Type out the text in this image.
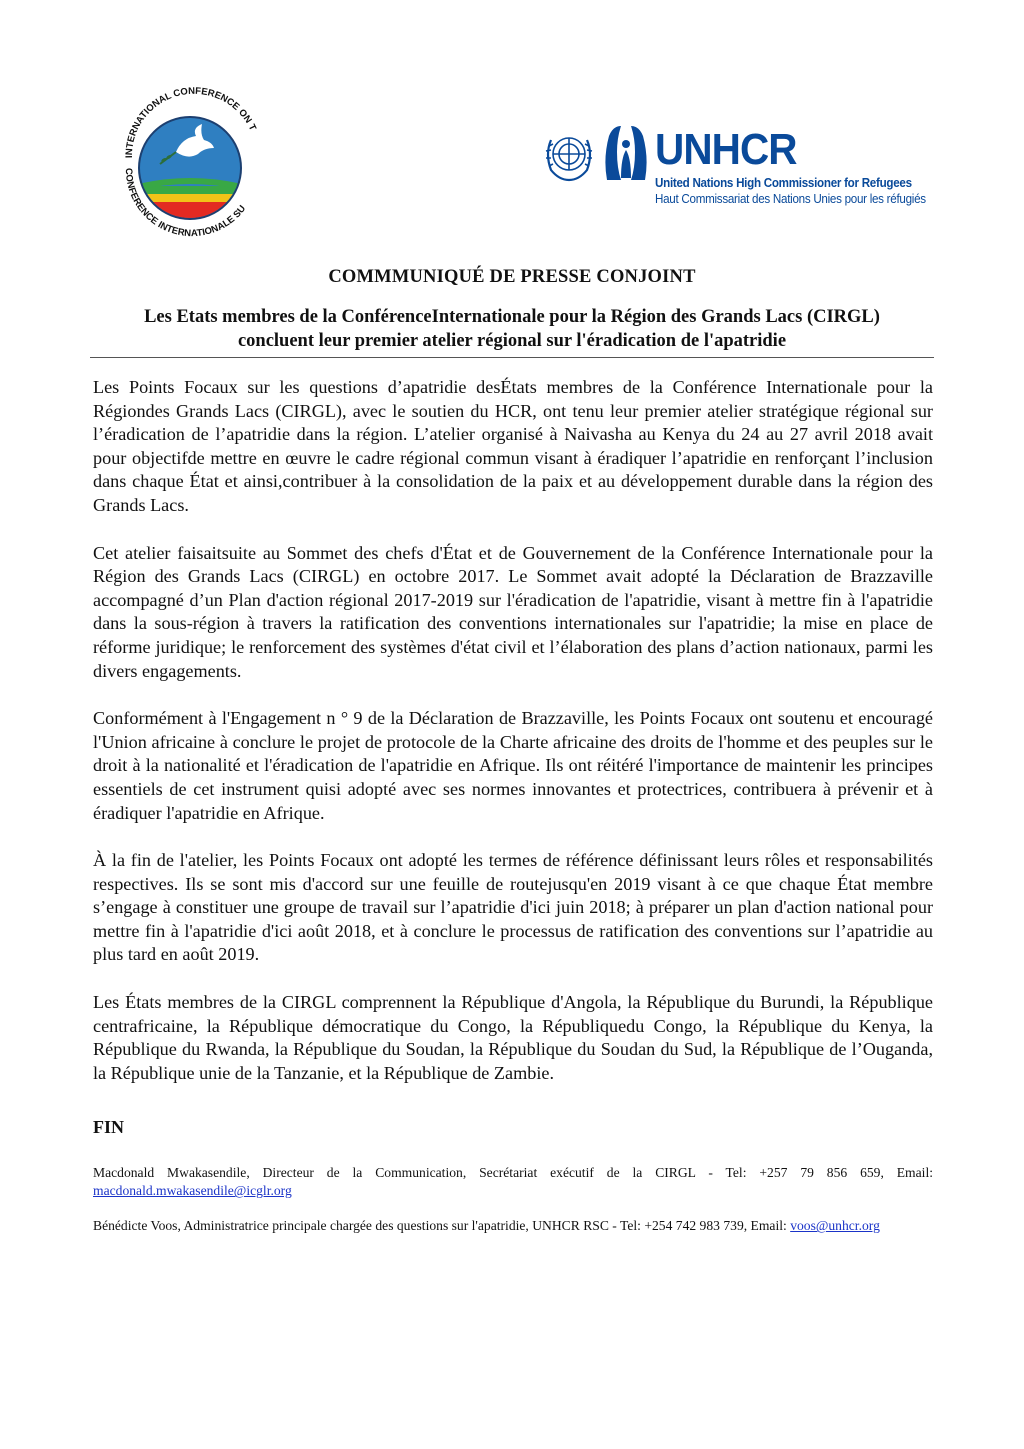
INTERNATIONAL CONFERENCE ON T
CONFERENCE INTERNATIONALE SU
UNHCR
United Nations High Commissioner for Refugees
Haut Commissariat des Nations Unies pour les réfugiés
COMMMUNIQUÉ DE PRESSE CONJOINT
Les Etats membres de la ConférenceInternationale pour la Région des Grands Lacs (CIRGL)
concluent leur premier atelier régional sur l'éradication de l'apatridie

Les Points Focaux sur les questions d’apatridie desÉtats membres de la Conférence Internationale pour la Régiondes Grands Lacs (CIRGL), avec le soutien du HCR, ont tenu leur premier atelier stratégique régional sur l’éradication de l’apatridie dans la région. L’atelier organisé à Naivasha au Kenya du 24 au 27 avril 2018 avait pour objectifde mettre en œuvre le cadre régional commun visant à éradiquer l’apatridie en renforçant l’inclusion dans chaque État et ainsi,contribuer à la consolidation de la paix et au développement durable dans la région des Grands Lacs.

Cet atelier faisaitsuite au Sommet des chefs d'État et de Gouvernement de la Conférence Internationale pour la Région des Grands Lacs (CIRGL) en octobre 2017. Le Sommet avait adopté la Déclaration de Brazzaville accompagné d’un Plan d'action régional 2017-2019 sur l'éradication de l'apatridie, visant à mettre fin à l'apatridie dans la sous-région à travers la ratification des conventions internationales sur l'apatridie; la mise en place de réforme juridique; le renforcement des systèmes d'état civil et l’élaboration des plans d’action nationaux, parmi les divers engagements.

Conformément à l'Engagement n ° 9 de la Déclaration de Brazzaville, les Points Focaux ont soutenu et encouragé l'Union africaine à conclure le projet de protocole de la Charte africaine des droits de l'homme et des peuples sur le droit à la nationalité et l'éradication de l'apatridie en Afrique. Ils ont réitéré l'importance de maintenir les principes essentiels de cet instrument quisi adopté avec ses normes innovantes et protectrices, contribuera à prévenir et à éradiquer l'apatridie en Afrique.

À la fin de l'atelier, les Points Focaux ont adopté les termes de référence définissant leurs rôles et responsabilités respectives. Ils se sont mis d'accord sur une feuille de routejusqu'en 2019 visant à ce que chaque État membre s’engage à constituer une groupe de travail sur l’apatridie d'ici juin 2018; à préparer un plan d'action national pour mettre fin à l'apatridie d'ici août 2018, et à conclure le processus de ratification des conventions sur l’apatridie au plus tard en août 2019.

Les États membres de la CIRGL comprennent la République d'Angola, la République du Burundi, la République centrafricaine, la République démocratique du Congo, la Républiquedu Congo, la République du Kenya, la République du Rwanda, la République du Soudan, la République du Soudan du Sud, la République de l’Ouganda, la République unie de la Tanzanie, et la République de Zambie.

FIN

Macdonald Mwakasendile, Directeur de la Communication, Secrétariat exécutif de la CIRGL - Tel: +257 79 856 659, Email: macdonald.mwakasendile@icglr.org

Bénédicte Voos, Administratrice principale chargée des questions sur l'apatridie, UNHCR RSC - Tel: +254 742 983 739, Email: voos@unhcr.org
